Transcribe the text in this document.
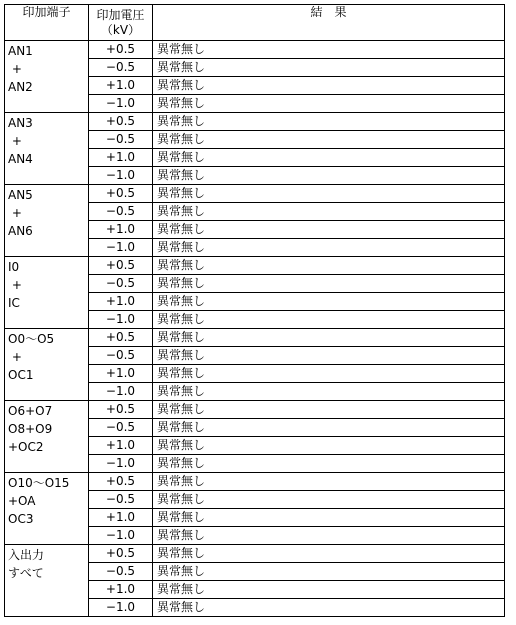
印加端子	印加電圧
（kV）	結　果

AN1
+
AN2	+0.5	異常無し
	−0.5	異常無し
	+1.0	異常無し
	−1.0	異常無し

AN3
+
AN4	+0.5	異常無し
	−0.5	異常無し
	+1.0	異常無し
	−1.0	異常無し

AN5
+
AN6	+0.5	異常無し
	−0.5	異常無し
	+1.0	異常無し
	−1.0	異常無し

I0
+
IC	+0.5	異常無し
	−0.5	異常無し
	+1.0	異常無し
	−1.0	異常無し

O0～O5
+
OC1	+0.5	異常無し
	−0.5	異常無し
	+1.0	異常無し
	−1.0	異常無し

O6+O7
O8+O9
+OC2	+0.5	異常無し
	−0.5	異常無し
	+1.0	異常無し
	−1.0	異常無し

O10～O15
+OA
OC3	+0.5	異常無し
	−0.5	異常無し
	+1.0	異常無し
	−1.0	異常無し

入出力
すべて	+0.5	異常無し
	−0.5	異常無し
	+1.0	異常無し
	−1.0	異常無し
